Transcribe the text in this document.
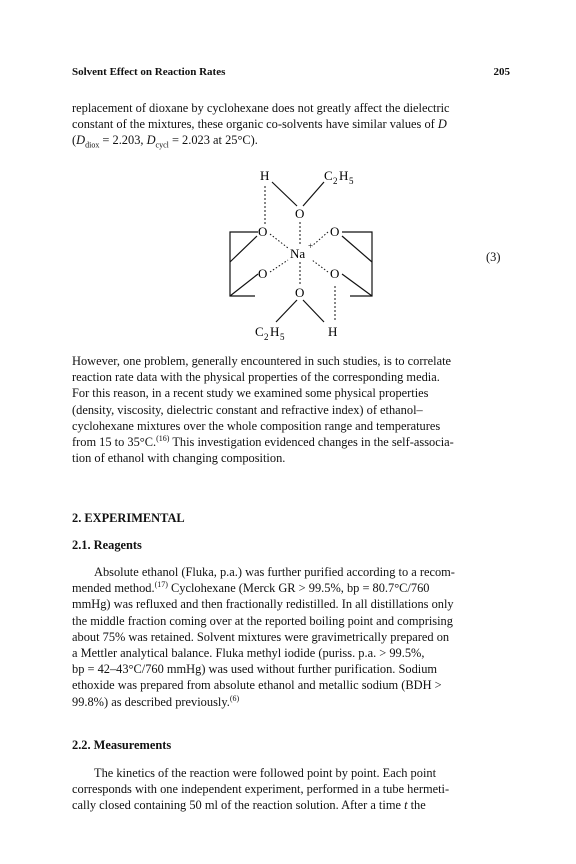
Solvent Effect on Reaction Rates	205
replacement of dioxane by cyclohexane does not greatly affect the dielectric
constant of the mixtures, these organic co-solvents have similar values of D
($D_{diox} = 2.203$, $D_{cycl} = 2.023$ at 25°C).
H	C 2 H 5
O
O	O
O	O
Na +
O
C 2 H 5	H
(3)
However, one problem, generally encountered in such studies, is to correlate
reaction rate data with the physical properties of the corresponding media.
For this reason, in a recent study we examined some physical properties
(density, viscosity, dielectric constant and refractive index) of ethanol–
cyclohexane mixtures over the whole composition range and temperatures
from 15 to 35°C.$^{(16)}$ This investigation evidenced changes in the self-associa-
tion of ethanol with changing composition.
2. EXPERIMENTAL
2.1. Reagents
Absolute ethanol (Fluka, p.a.) was further purified according to a recom-
mended method.$^{(17)}$ Cyclohexane (Merck GR > 99.5%, bp = 80.7°C/760
mmHg) was refluxed and then fractionally redistilled. In all distillations only
the middle fraction coming over at the reported boiling point and comprising
about 75% was retained. Solvent mixtures were gravimetrically prepared on
a Mettler analytical balance. Fluka methyl iodide (puriss. p.a. > 99.5%,
bp = 42–43°C/760 mmHg) was used without further purification. Sodium
ethoxide was prepared from absolute ethanol and metallic sodium (BDH >
99.8%) as described previously.$^{(6)}$
2.2. Measurements
The kinetics of the reaction were followed point by point. Each point
corresponds with one independent experiment, performed in a tube hermeti-
cally closed containing 50 ml of the reaction solution. After a time t the
